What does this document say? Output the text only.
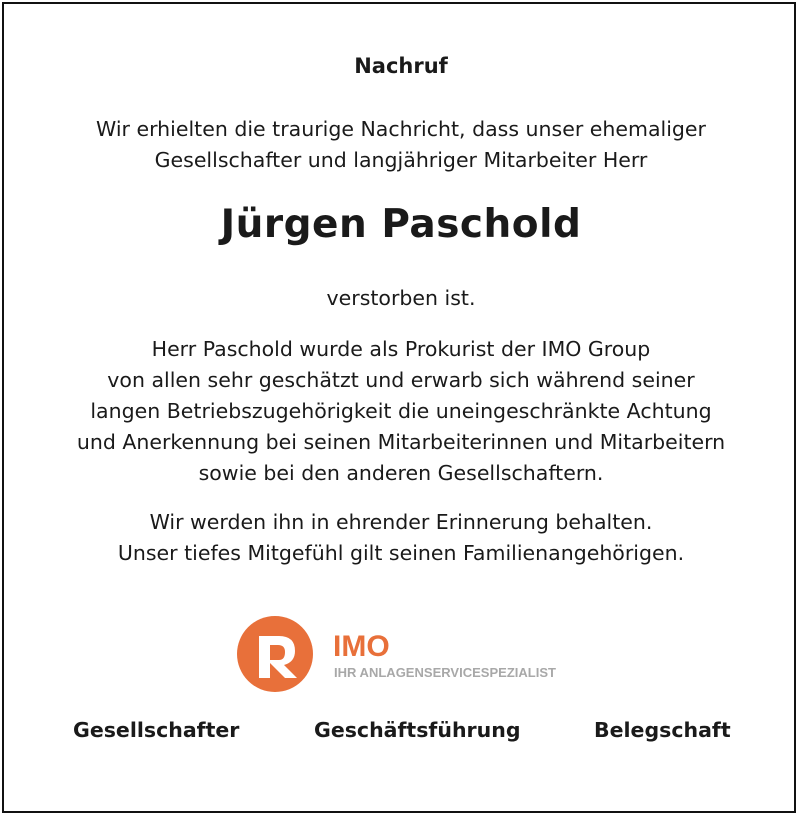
Nachruf
Wir erhielten die traurige Nachricht, dass unser ehemaliger
Gesellschafter und langjähriger Mitarbeiter Herr
Jürgen Paschold
verstorben ist.
Herr Paschold wurde als Prokurist der IMO Group
von allen sehr geschätzt und erwarb sich während seiner
langen Betriebszugehörigkeit die uneingeschränkte Achtung
und Anerkennung bei seinen Mitarbeiterinnen und Mitarbeitern
sowie bei den anderen Gesellschaftern.
Wir werden ihn in ehrender Erinnerung behalten.
Unser tiefes Mitgefühl gilt seinen Familienangehörigen.
IMO
IHR ANLAGENSERVICESPEZIALIST
Gesellschafter	Geschäftsführung	Belegschaft
